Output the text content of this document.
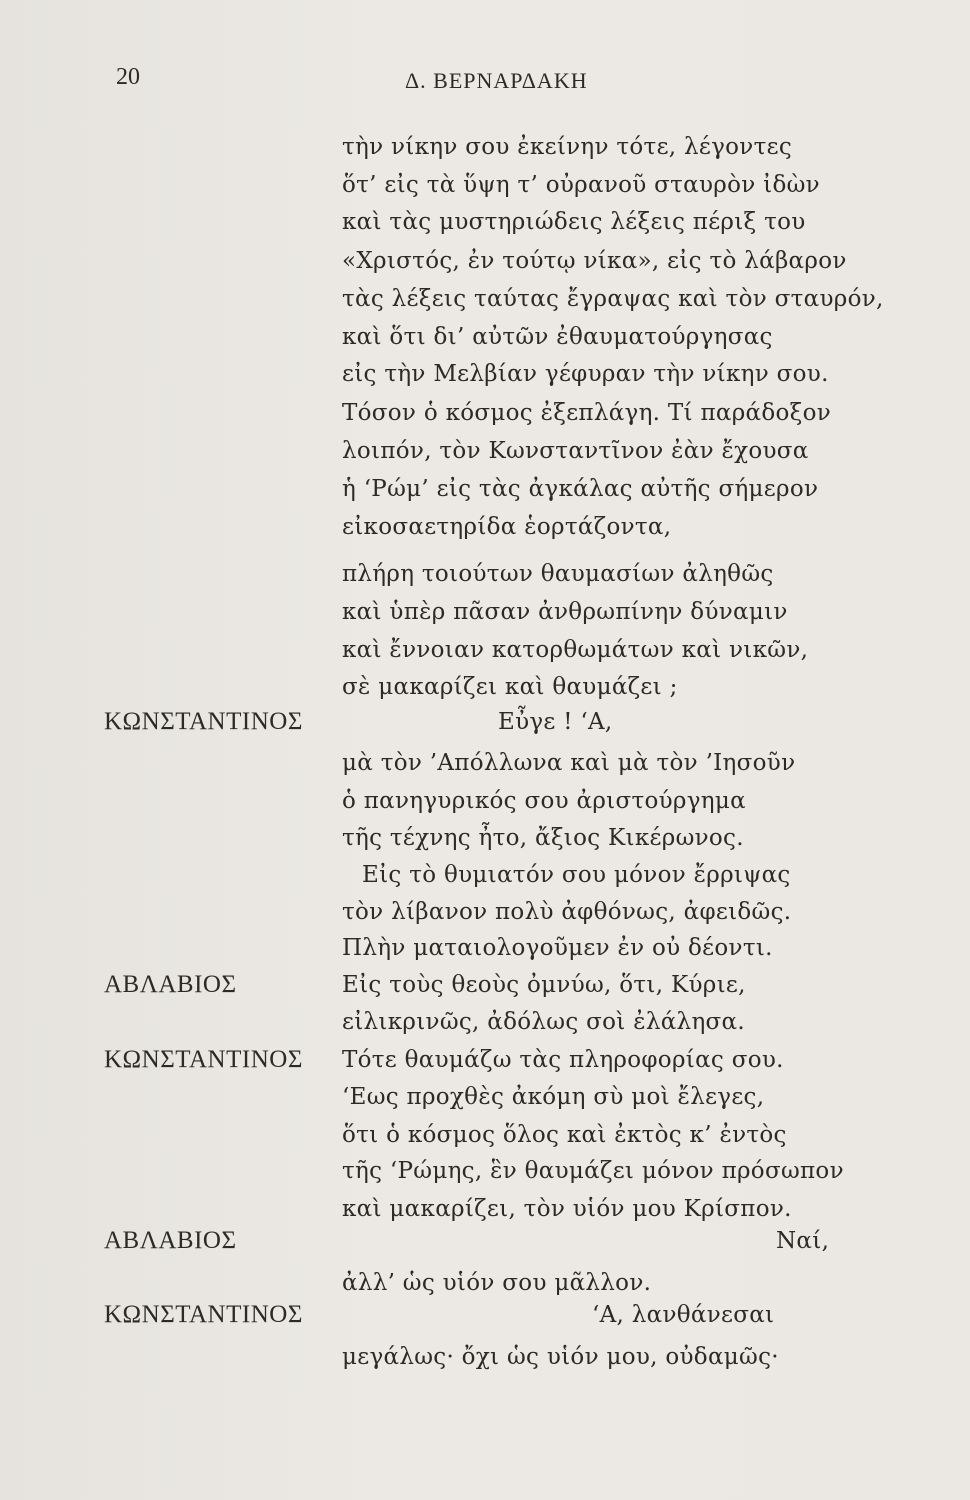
20	Δ. ΒΕΡΝΑΡΔΑΚΗ
τὴν νίκην σου ἐκείνην τότε, λέγοντες
ὅτ’ εἰς τὰ ὕψη τ’ οὐρανοῦ σταυρὸν ἰδὼν
καὶ τὰς μυστηριώδεις λέξεις πέριξ του
«Χριστός, ἐν τούτῳ νίκα», εἰς τὸ λάβαρον
τὰς λέξεις ταύτας ἔγραψας καὶ τὸν σταυρόν,
καὶ ὅτι δι’ αὐτῶν ἐθαυματούργησας
εἰς τὴν Μελβίαν γέφυραν τὴν νίκην σου.
Τόσον ὁ κόσμος ἐξεπλάγη. Τί παράδοξον
λοιπόν, τὸν Κωνσταντῖνον ἐὰν ἔχουσα
ἡ ‘Ρώμ’ εἰς τὰς ἀγκάλας αὐτῆς σήμερον
εἰκοσαετηρίδα ἑορτάζοντα,
πλήρη τοιούτων θαυμασίων ἀληθῶς
καὶ ὑπὲρ πᾶσαν ἀνθρωπίνην δύναμιν
καὶ ἔννοιαν κατορθωμάτων καὶ νικῶν,
σὲ μακαρίζει καὶ θαυμάζει ;
ΚΩΝΣΤΑΝΤΙΝΟΣ	Εὖγε ! ‘Α,
μὰ τὸν ’Απόλλωνα καὶ μὰ τὸν ’Ιησοῦν
ὁ πανηγυρικός σου ἀριστούργημα
τῆς τέχνης ἦτο, ἄξιος Κικέρωνος.
Εἰς τὸ θυμιατόν σου μόνον ἔρριψας
τὸν λίβανον πολὺ ἀφθόνως, ἀφειδῶς.
Πλὴν ματαιολογοῦμεν ἐν οὐ δέοντι.
ΑΒΛΑΒΙΟΣ	Εἰς τοὺς θεοὺς ὀμνύω, ὅτι, Κύριε,
εἰλικρινῶς, ἀδόλως σοὶ ἐλάλησα.
ΚΩΝΣΤΑΝΤΙΝΟΣ Τότε θαυμάζω τὰς πληροφορίας σου.
‘Εως προχθὲς ἀκόμη σὺ μοὶ ἔλεγες,
ὅτι ὁ κόσμος ὅλος καὶ ἐκτὸς κ’ ἐντὸς
τῆς ‘Ρώμης, ἓν θαυμάζει μόνον πρόσωπον
καὶ μακαρίζει, τὸν υἱόν μου Κρίσπον.
ΑΒΛΑΒΙΟΣ	Ναί,
ἀλλ’ ὡς υἱόν σου μᾶλλον.
ΚΩΝΣΤΑΝΤΙΝΟΣ	‘Α, λανθάνεσαι
μεγάλως· ὄχι ὡς υἱόν μου, οὐδαμῶς·
